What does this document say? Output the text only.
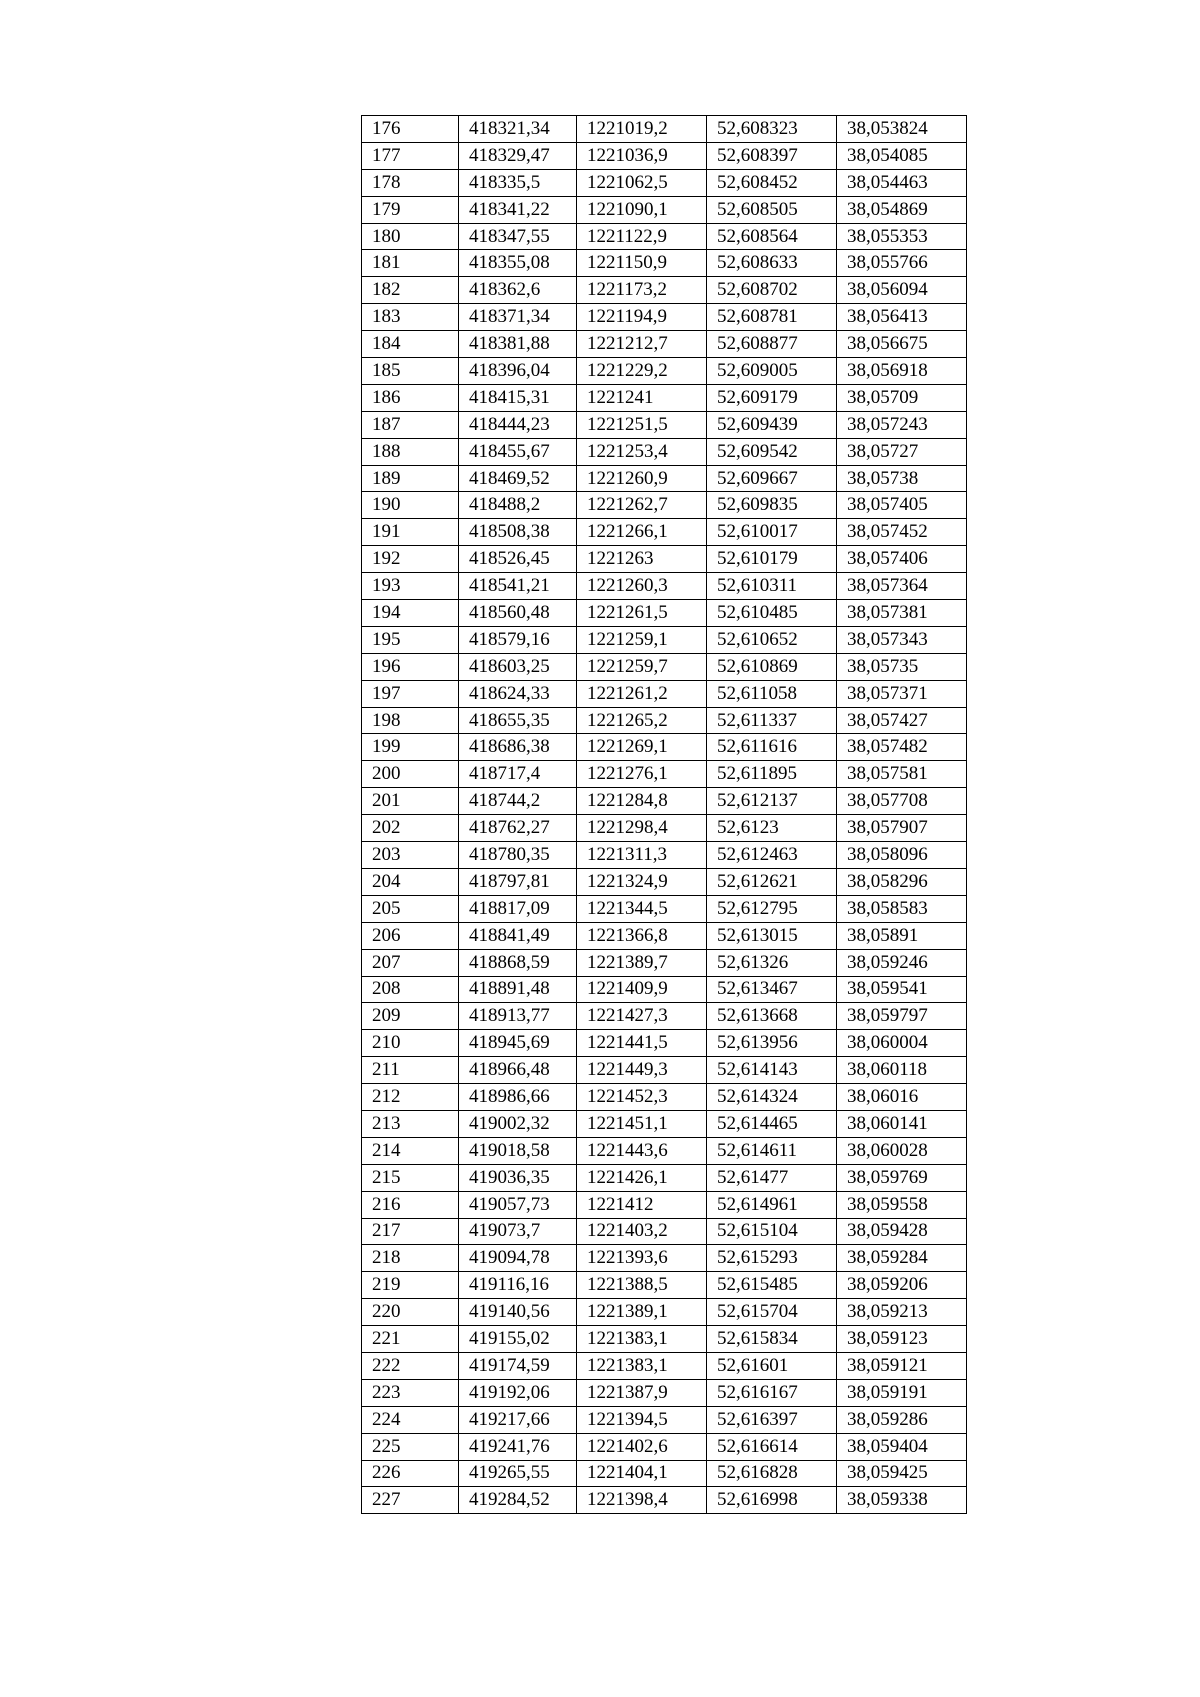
176	418321,34	1221019,2	52,608323	38,053824
177	418329,47	1221036,9	52,608397	38,054085
178	418335,5	1221062,5	52,608452	38,054463
179	418341,22	1221090,1	52,608505	38,054869
180	418347,55	1221122,9	52,608564	38,055353
181	418355,08	1221150,9	52,608633	38,055766
182	418362,6	1221173,2	52,608702	38,056094
183	418371,34	1221194,9	52,608781	38,056413
184	418381,88	1221212,7	52,608877	38,056675
185	418396,04	1221229,2	52,609005	38,056918
186	418415,31	1221241	52,609179	38,05709
187	418444,23	1221251,5	52,609439	38,057243
188	418455,67	1221253,4	52,609542	38,05727
189	418469,52	1221260,9	52,609667	38,05738
190	418488,2	1221262,7	52,609835	38,057405
191	418508,38	1221266,1	52,610017	38,057452
192	418526,45	1221263	52,610179	38,057406
193	418541,21	1221260,3	52,610311	38,057364
194	418560,48	1221261,5	52,610485	38,057381
195	418579,16	1221259,1	52,610652	38,057343
196	418603,25	1221259,7	52,610869	38,05735
197	418624,33	1221261,2	52,611058	38,057371
198	418655,35	1221265,2	52,611337	38,057427
199	418686,38	1221269,1	52,611616	38,057482
200	418717,4	1221276,1	52,611895	38,057581
201	418744,2	1221284,8	52,612137	38,057708
202	418762,27	1221298,4	52,6123	38,057907
203	418780,35	1221311,3	52,612463	38,058096
204	418797,81	1221324,9	52,612621	38,058296
205	418817,09	1221344,5	52,612795	38,058583
206	418841,49	1221366,8	52,613015	38,05891
207	418868,59	1221389,7	52,61326	38,059246
208	418891,48	1221409,9	52,613467	38,059541
209	418913,77	1221427,3	52,613668	38,059797
210	418945,69	1221441,5	52,613956	38,060004
211	418966,48	1221449,3	52,614143	38,060118
212	418986,66	1221452,3	52,614324	38,06016
213	419002,32	1221451,1	52,614465	38,060141
214	419018,58	1221443,6	52,614611	38,060028
215	419036,35	1221426,1	52,61477	38,059769
216	419057,73	1221412	52,614961	38,059558
217	419073,7	1221403,2	52,615104	38,059428
218	419094,78	1221393,6	52,615293	38,059284
219	419116,16	1221388,5	52,615485	38,059206
220	419140,56	1221389,1	52,615704	38,059213
221	419155,02	1221383,1	52,615834	38,059123
222	419174,59	1221383,1	52,61601	38,059121
223	419192,06	1221387,9	52,616167	38,059191
224	419217,66	1221394,5	52,616397	38,059286
225	419241,76	1221402,6	52,616614	38,059404
226	419265,55	1221404,1	52,616828	38,059425
227	419284,52	1221398,4	52,616998	38,059338
